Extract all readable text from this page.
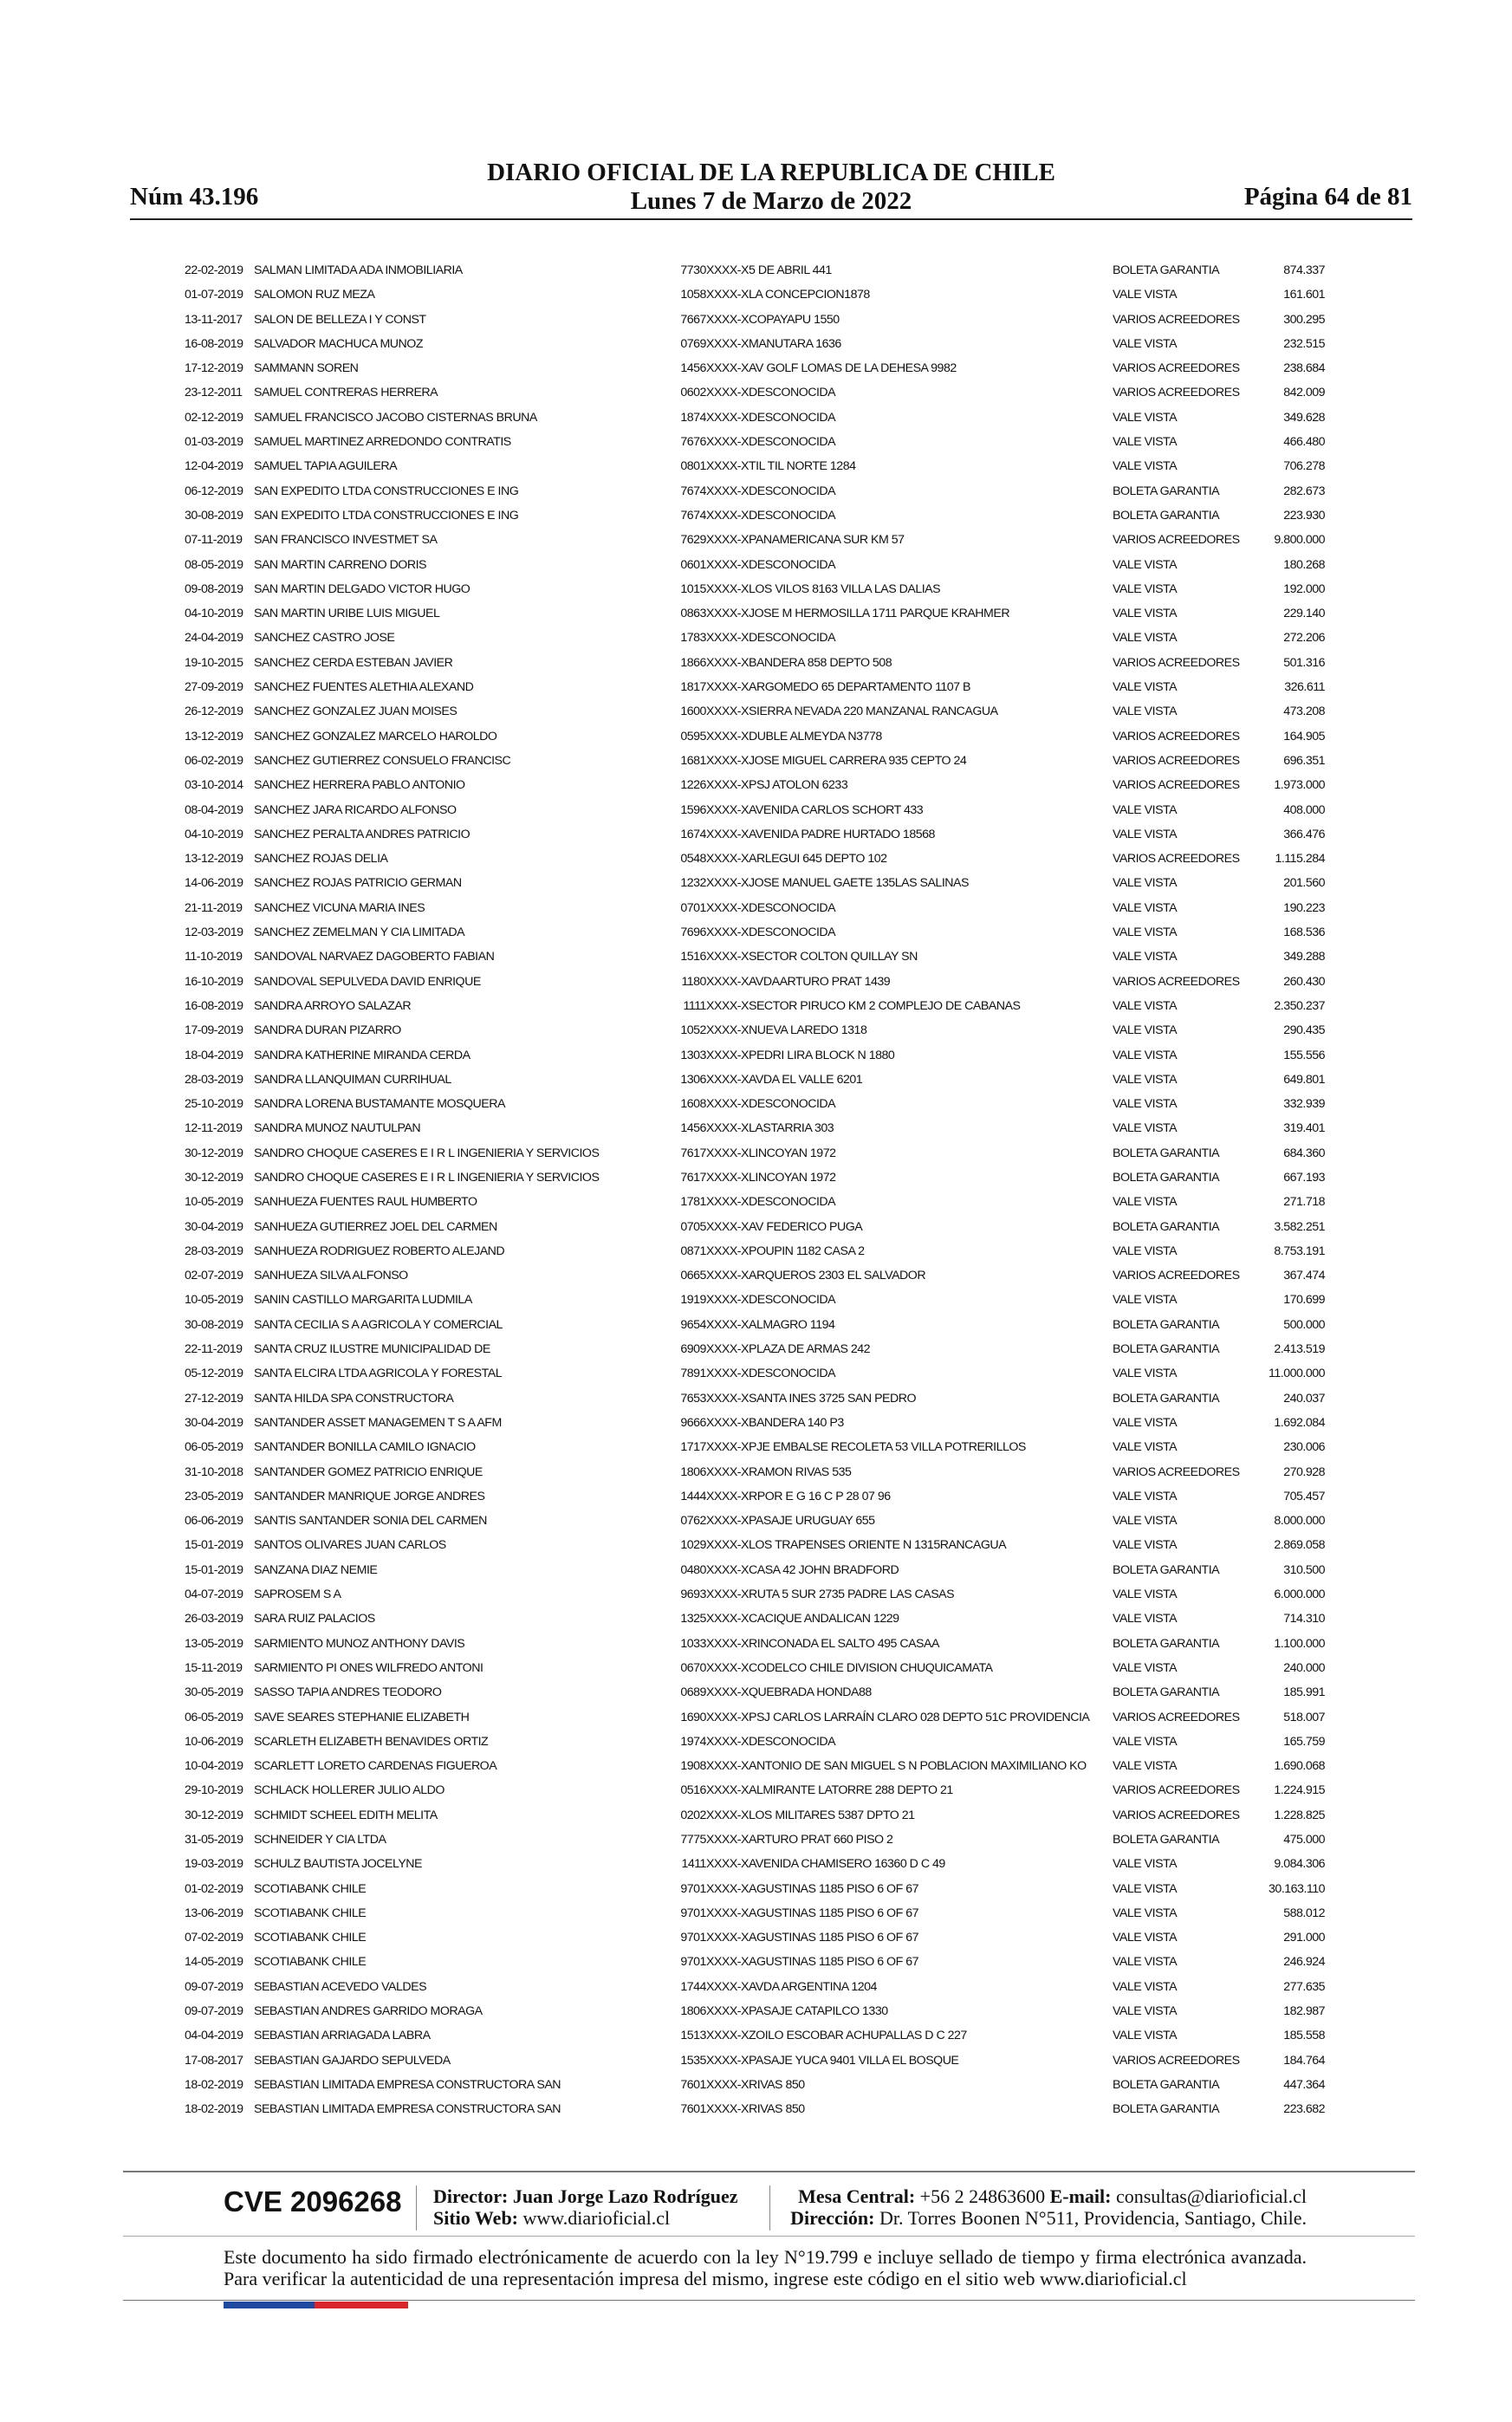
Núm 43.196
DIARIO OFICIAL DE LA REPUBLICA DE CHILE
Lunes 7 de Marzo de 2022	Página 64 de 81
22-02-2019	SALMAN LIMITADA ADA INMOBILIARIA	7730XXXX-X	5 DE ABRIL 441	BOLETA GARANTIA	874.337
01-07-2019	SALOMON RUZ MEZA	1058XXXX-X	LA CONCEPCION1878	VALE VISTA	161.601
13-11-2017	SALON DE BELLEZA I Y CONST	7667XXXX-X	COPAYAPU 1550	VARIOS ACREEDORES	300.295
16-08-2019	SALVADOR MACHUCA MUNOZ	0769XXXX-X	MANUTARA 1636	VALE VISTA	232.515
17-12-2019	SAMMANN SOREN	1456XXXX-X	AV GOLF LOMAS DE LA DEHESA 9982	VARIOS ACREEDORES	238.684
23-12-2011	SAMUEL CONTRERAS HERRERA	0602XXXX-X	DESCONOCIDA	VARIOS ACREEDORES	842.009
02-12-2019	SAMUEL FRANCISCO JACOBO CISTERNAS BRUNA	1874XXXX-X	DESCONOCIDA	VALE VISTA	349.628
01-03-2019	SAMUEL MARTINEZ ARREDONDO CONTRATIS	7676XXXX-X	DESCONOCIDA	VALE VISTA	466.480
12-04-2019	SAMUEL TAPIA AGUILERA	0801XXXX-X	TIL TIL NORTE 1284	VALE VISTA	706.278
06-12-2019	SAN EXPEDITO LTDA CONSTRUCCIONES E ING	7674XXXX-X	DESCONOCIDA	BOLETA GARANTIA	282.673
30-08-2019	SAN EXPEDITO LTDA CONSTRUCCIONES E ING	7674XXXX-X	DESCONOCIDA	BOLETA GARANTIA	223.930
07-11-2019	SAN FRANCISCO INVESTMET SA	7629XXXX-X	PANAMERICANA SUR KM 57	VARIOS ACREEDORES	9.800.000
08-05-2019	SAN MARTIN CARRENO DORIS	0601XXXX-X	DESCONOCIDA	VALE VISTA	180.268
09-08-2019	SAN MARTIN DELGADO VICTOR HUGO	1015XXXX-X	LOS VILOS 8163 VILLA LAS DALIAS	VALE VISTA	192.000
04-10-2019	SAN MARTIN URIBE LUIS MIGUEL	0863XXXX-X	JOSE M HERMOSILLA 1711 PARQUE KRAHMER	VALE VISTA	229.140
24-04-2019	SANCHEZ CASTRO JOSE	1783XXXX-X	DESCONOCIDA	VALE VISTA	272.206
19-10-2015	SANCHEZ CERDA ESTEBAN JAVIER	1866XXXX-X	BANDERA 858 DEPTO 508	VARIOS ACREEDORES	501.316
27-09-2019	SANCHEZ FUENTES ALETHIA ALEXAND	1817XXXX-X	ARGOMEDO 65 DEPARTAMENTO 1107 B	VALE VISTA	326.611
26-12-2019	SANCHEZ GONZALEZ JUAN MOISES	1600XXXX-X	SIERRA NEVADA 220 MANZANAL RANCAGUA	VALE VISTA	473.208
13-12-2019	SANCHEZ GONZALEZ MARCELO HAROLDO	0595XXXX-X	DUBLE ALMEYDA N3778	VARIOS ACREEDORES	164.905
06-02-2019	SANCHEZ GUTIERREZ CONSUELO FRANCISC	1681XXXX-X	JOSE MIGUEL CARRERA 935 CEPTO 24	VARIOS ACREEDORES	696.351
03-10-2014	SANCHEZ HERRERA PABLO ANTONIO	1226XXXX-X	PSJ ATOLON 6233	VARIOS ACREEDORES	1.973.000
08-04-2019	SANCHEZ JARA RICARDO ALFONSO	1596XXXX-X	AVENIDA CARLOS SCHORT 433	VALE VISTA	408.000
04-10-2019	SANCHEZ PERALTA ANDRES PATRICIO	1674XXXX-X	AVENIDA PADRE HURTADO 18568	VALE VISTA	366.476
13-12-2019	SANCHEZ ROJAS DELIA	0548XXXX-X	ARLEGUI 645 DEPTO 102	VARIOS ACREEDORES	1.115.284
14-06-2019	SANCHEZ ROJAS PATRICIO GERMAN	1232XXXX-X	JOSE MANUEL GAETE 135LAS SALINAS	VALE VISTA	201.560
21-11-2019	SANCHEZ VICUNA MARIA INES	0701XXXX-X	DESCONOCIDA	VALE VISTA	190.223
12-03-2019	SANCHEZ ZEMELMAN Y CIA LIMITADA	7696XXXX-X	DESCONOCIDA	VALE VISTA	168.536
11-10-2019	SANDOVAL NARVAEZ DAGOBERTO FABIAN	1516XXXX-X	SECTOR COLTON QUILLAY SN	VALE VISTA	349.288
16-10-2019	SANDOVAL SEPULVEDA DAVID ENRIQUE	1180XXXX-X	AVDAARTURO PRAT 1439	VARIOS ACREEDORES	260.430
16-08-2019	SANDRA ARROYO SALAZAR	1111XXXX-X	SECTOR PIRUCO KM 2 COMPLEJO DE CABANAS	VALE VISTA	2.350.237
17-09-2019	SANDRA DURAN PIZARRO	1052XXXX-X	NUEVA LAREDO 1318	VALE VISTA	290.435
18-04-2019	SANDRA KATHERINE MIRANDA CERDA	1303XXXX-X	PEDRI LIRA BLOCK N 1880	VALE VISTA	155.556
28-03-2019	SANDRA LLANQUIMAN CURRIHUAL	1306XXXX-X	AVDA EL VALLE 6201	VALE VISTA	649.801
25-10-2019	SANDRA LORENA BUSTAMANTE MOSQUERA	1608XXXX-X	DESCONOCIDA	VALE VISTA	332.939
12-11-2019	SANDRA MUNOZ NAUTULPAN	1456XXXX-X	LASTARRIA 303	VALE VISTA	319.401
30-12-2019	SANDRO CHOQUE CASERES E I R L INGENIERIA Y SERVICIOS	7617XXXX-X	LINCOYAN 1972	BOLETA GARANTIA	684.360
30-12-2019	SANDRO CHOQUE CASERES E I R L INGENIERIA Y SERVICIOS	7617XXXX-X	LINCOYAN 1972	BOLETA GARANTIA	667.193
10-05-2019	SANHUEZA FUENTES RAUL HUMBERTO	1781XXXX-X	DESCONOCIDA	VALE VISTA	271.718
30-04-2019	SANHUEZA GUTIERREZ JOEL DEL CARMEN	0705XXXX-X	AV FEDERICO PUGA	BOLETA GARANTIA	3.582.251
28-03-2019	SANHUEZA RODRIGUEZ ROBERTO ALEJAND	0871XXXX-X	POUPIN 1182 CASA 2	VALE VISTA	8.753.191
02-07-2019	SANHUEZA SILVA ALFONSO	0665XXXX-X	ARQUEROS 2303 EL SALVADOR	VARIOS ACREEDORES	367.474
10-05-2019	SANIN CASTILLO MARGARITA LUDMILA	1919XXXX-X	DESCONOCIDA	VALE VISTA	170.699
30-08-2019	SANTA CECILIA S A AGRICOLA Y COMERCIAL	9654XXXX-X	ALMAGRO 1194	BOLETA GARANTIA	500.000
22-11-2019	SANTA CRUZ ILUSTRE MUNICIPALIDAD DE	6909XXXX-X	PLAZA DE ARMAS 242	BOLETA GARANTIA	2.413.519
05-12-2019	SANTA ELCIRA LTDA AGRICOLA Y FORESTAL	7891XXXX-X	DESCONOCIDA	VALE VISTA	11.000.000
27-12-2019	SANTA HILDA SPA CONSTRUCTORA	7653XXXX-X	SANTA INES 3725 SAN PEDRO	BOLETA GARANTIA	240.037
30-04-2019	SANTANDER ASSET MANAGEMEN T S A AFM	9666XXXX-X	BANDERA 140 P3	VALE VISTA	1.692.084
06-05-2019	SANTANDER BONILLA CAMILO IGNACIO	1717XXXX-X	PJE EMBALSE RECOLETA 53 VILLA POTRERILLOS	VALE VISTA	230.006
31-10-2018	SANTANDER GOMEZ PATRICIO ENRIQUE	1806XXXX-X	RAMON RIVAS 535	VARIOS ACREEDORES	270.928
23-05-2019	SANTANDER MANRIQUE JORGE ANDRES	1444XXXX-X	RPOR E G 16 C P 28 07 96	VALE VISTA	705.457
06-06-2019	SANTIS SANTANDER SONIA DEL CARMEN	0762XXXX-X	PASAJE URUGUAY 655	VALE VISTA	8.000.000
15-01-2019	SANTOS OLIVARES JUAN CARLOS	1029XXXX-X	LOS TRAPENSES ORIENTE N 1315RANCAGUA	VALE VISTA	2.869.058
15-01-2019	SANZANA DIAZ NEMIE	0480XXXX-X	CASA 42 JOHN BRADFORD	BOLETA GARANTIA	310.500
04-07-2019	SAPROSEM S A	9693XXXX-X	RUTA 5 SUR 2735 PADRE LAS CASAS	VALE VISTA	6.000.000
26-03-2019	SARA RUIZ PALACIOS	1325XXXX-X	CACIQUE ANDALICAN 1229	VALE VISTA	714.310
13-05-2019	SARMIENTO MUNOZ ANTHONY DAVIS	1033XXXX-X	RINCONADA EL SALTO 495 CASAA	BOLETA GARANTIA	1.100.000
15-11-2019	SARMIENTO PI ONES WILFREDO ANTONI	0670XXXX-X	CODELCO CHILE DIVISION CHUQUICAMATA	VALE VISTA	240.000
30-05-2019	SASSO TAPIA ANDRES TEODORO	0689XXXX-X	QUEBRADA HONDA88	BOLETA GARANTIA	185.991
06-05-2019	SAVE SEARES STEPHANIE ELIZABETH	1690XXXX-X	PSJ CARLOS LARRAÍN CLARO 028 DEPTO 51C PROVIDENCIA	VARIOS ACREEDORES	518.007
10-06-2019	SCARLETH ELIZABETH BENAVIDES ORTIZ	1974XXXX-X	DESCONOCIDA	VALE VISTA	165.759
10-04-2019	SCARLETT LORETO CARDENAS FIGUEROA	1908XXXX-X	ANTONIO DE SAN MIGUEL S N POBLACION MAXIMILIANO KO	VALE VISTA	1.690.068
29-10-2019	SCHLACK HOLLERER JULIO ALDO	0516XXXX-X	ALMIRANTE LATORRE 288 DEPTO 21	VARIOS ACREEDORES	1.224.915
30-12-2019	SCHMIDT SCHEEL EDITH MELITA	0202XXXX-X	LOS MILITARES 5387 DPTO 21	VARIOS ACREEDORES	1.228.825
31-05-2019	SCHNEIDER Y CIA LTDA	7775XXXX-X	ARTURO PRAT 660 PISO 2	BOLETA GARANTIA	475.000
19-03-2019	SCHULZ BAUTISTA JOCELYNE	1411XXXX-X	AVENIDA CHAMISERO 16360 D C 49	VALE VISTA	9.084.306
01-02-2019	SCOTIABANK CHILE	9701XXXX-X	AGUSTINAS 1185 PISO 6 OF 67	VALE VISTA	30.163.110
13-06-2019	SCOTIABANK CHILE	9701XXXX-X	AGUSTINAS 1185 PISO 6 OF 67	VALE VISTA	588.012
07-02-2019	SCOTIABANK CHILE	9701XXXX-X	AGUSTINAS 1185 PISO 6 OF 67	VALE VISTA	291.000
14-05-2019	SCOTIABANK CHILE	9701XXXX-X	AGUSTINAS 1185 PISO 6 OF 67	VALE VISTA	246.924
09-07-2019	SEBASTIAN ACEVEDO VALDES	1744XXXX-X	AVDA ARGENTINA 1204	VALE VISTA	277.635
09-07-2019	SEBASTIAN ANDRES GARRIDO MORAGA	1806XXXX-X	PASAJE CATAPILCO 1330	VALE VISTA	182.987
04-04-2019	SEBASTIAN ARRIAGADA LABRA	1513XXXX-X	ZOILO ESCOBAR ACHUPALLAS D C 227	VALE VISTA	185.558
17-08-2017	SEBASTIAN GAJARDO SEPULVEDA	1535XXXX-X	PASAJE YUCA 9401 VILLA EL BOSQUE	VARIOS ACREEDORES	184.764
18-02-2019	SEBASTIAN LIMITADA EMPRESA CONSTRUCTORA SAN	7601XXXX-X	RIVAS 850	BOLETA GARANTIA	447.364
18-02-2019	SEBASTIAN LIMITADA EMPRESA CONSTRUCTORA SAN	7601XXXX-X	RIVAS 850	BOLETA GARANTIA	223.682
CVE 2096268 Director: Juan Jorge Lazo Rodríguez
Sitio Web: www.diarioficial.cl
Mesa Central: +56 2 24863600 E-mail: consultas@diarioficial.cl
Dirección: Dr. Torres Boonen N°511, Providencia, Santiago, Chile.
Este documento ha sido firmado electrónicamente de acuerdo con la ley N°19.799 e incluye sellado de tiempo y firma electrónica avanzada. Para verificar la autenticidad de una representación impresa del mismo, ingrese este código en el sitio web www.diarioficial.cl
